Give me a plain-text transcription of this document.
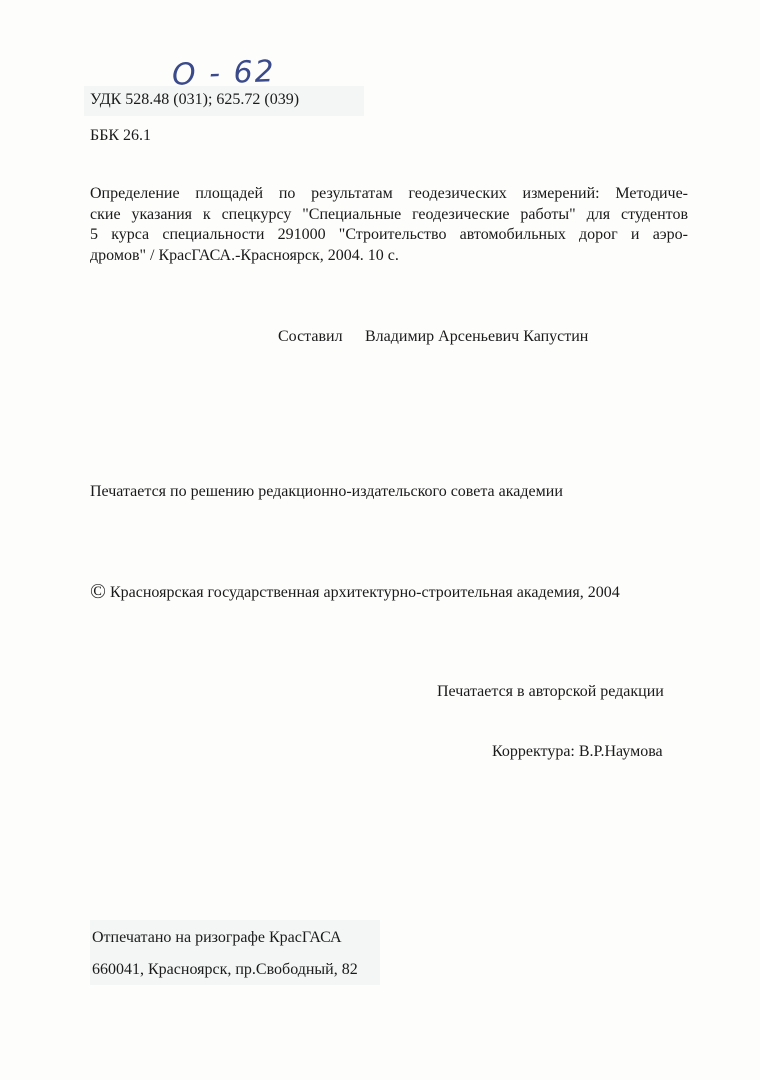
O - 62
УДК 528.48 (031); 625.72 (039)
ББК 26.1
Определение площадей по результатам геодезических измерений: Методиче-
ские указания к спецкурсу "Специальные геодезические работы" для студентов
5 курса специальности 291000 "Строительство автомобильных дорог и аэро-
дромов" / КрасГАСА.-Красноярск, 2004. 10 с.
Составил Владимир Арсеньевич Капустин
Печатается по решению редакционно-издательского совета академии
© Красноярская государственная архитектурно-строительная академия, 2004
Печатается в авторской редакции
Корректура: В.Р.Наумова
Отпечатано на ризографе КрасГАСА
660041, Красноярск, пр.Свободный, 82
